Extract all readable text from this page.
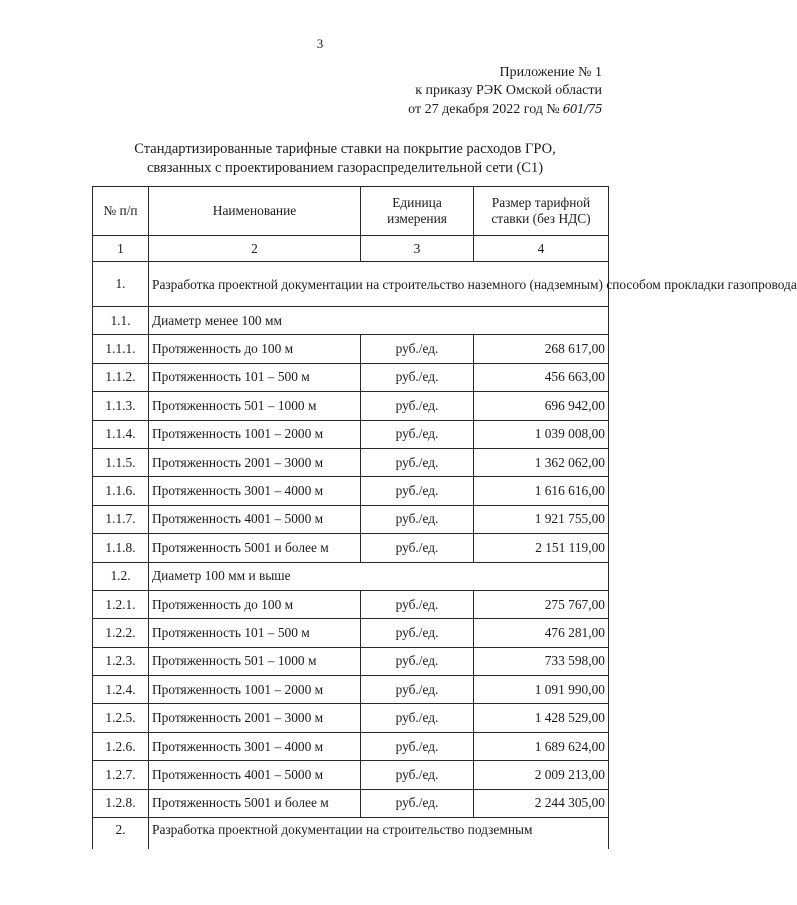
3
Приложение № 1
к приказу РЭК Омской области
от 27 декабря 2022 год № 601/75
Стандартизированные тарифные ставки на покрытие расходов ГРО,
связанных с проектированием газораспределительной сети (С1)
№ п/п	Наименование	Единица измерения	Размер тарифной ставки (без НДС)
1	2	3	4
1.	Разработка проектной документации на строительство наземного (надземным) способом прокладки газопровода		
1.1.	Диаметр менее 100 мм		
1.1.1.	Протяженность до 100 м	руб./ед.	268 617,00
1.1.2.	Протяженность 101 – 500 м	руб./ед.	456 663,00
1.1.3.	Протяженность 501 – 1000 м	руб./ед.	696 942,00
1.1.4.	Протяженность 1001 – 2000 м	руб./ед.	1 039 008,00
1.1.5.	Протяженность 2001 – 3000 м	руб./ед.	1 362 062,00
1.1.6.	Протяженность 3001 – 4000 м	руб./ед.	1 616 616,00
1.1.7.	Протяженность 4001 – 5000 м	руб./ед.	1 921 755,00
1.1.8.	Протяженность 5001 и более м	руб./ед.	2 151 119,00
1.2.	Диаметр 100 мм и выше		
1.2.1.	Протяженность до 100 м	руб./ед.	275 767,00
1.2.2.	Протяженность 101 – 500 м	руб./ед.	476 281,00
1.2.3.	Протяженность 501 – 1000 м	руб./ед.	733 598,00
1.2.4.	Протяженность 1001 – 2000 м	руб./ед.	1 091 990,00
1.2.5.	Протяженность 2001 – 3000 м	руб./ед.	1 428 529,00
1.2.6.	Протяженность 3001 – 4000 м	руб./ед.	1 689 624,00
1.2.7.	Протяженность 4001 – 5000 м	руб./ед.	2 009 213,00
1.2.8.	Протяженность 5001 и более м	руб./ед.	2 244 305,00
2.	Разработка проектной документации на строительство подземным		
